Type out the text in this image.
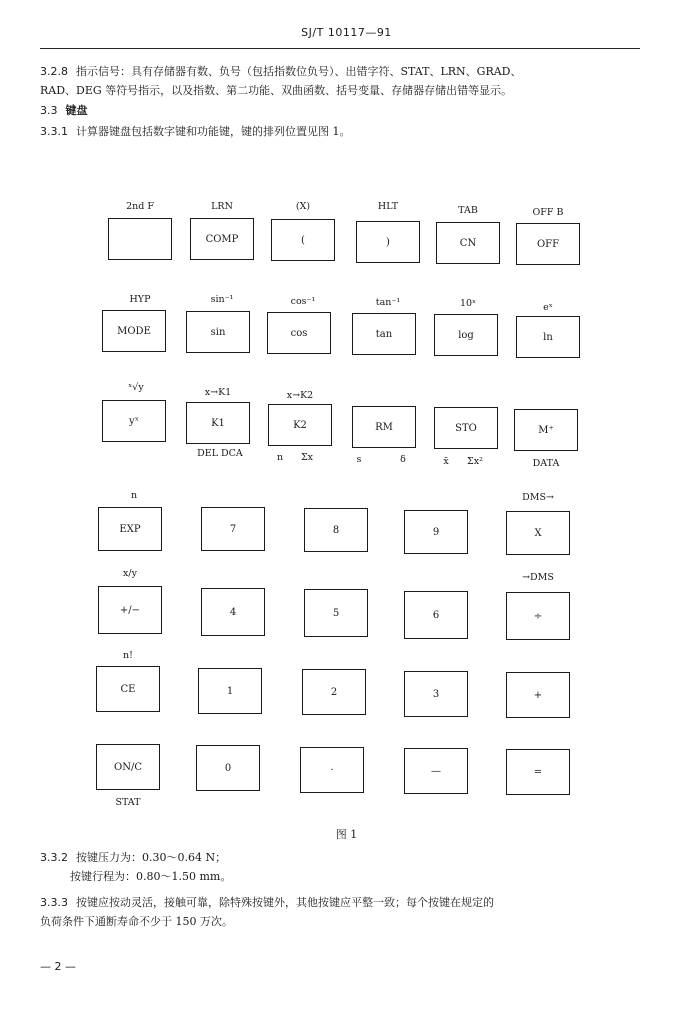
SJ/T 10117—91
3.2.8 指示信号：具有存储器有数、负号（包括指数位负号）、出错字符、STAT、LRN、GRAD、
RAD、DEG 等符号指示，以及指数、第二功能、双曲函数、括号变量、存储器存储出错等显示。
3.3 键盘
3.3.1 计算器键盘包括数字键和功能键，键的排列位置见图 1。
2nd F	LRN	(X)	HLT	TAB	OFF B
COMP	(	)	CN	OFF
HYP	sin⁻¹	cos⁻¹	tan⁻¹	10ˣ	eˣ
MODE	sin	cos	tan	log	ln
ˣ√y	x→K1	x→K2
yˣ	K1	K2	RM	STO	M⁺
DEL DCA	n	Σx	s	δ	x̄	Σx²	DATA
n	DMS→
EXP	7	8	9	X
x/y	→DMS
+/−	4	5	6	÷
n!
CE	1	2	3	+
ON/C	0	·	—	=
STAT
图 1
3.3.2 按键压力为：0.30～0.64 N；
按键行程为：0.80～1.50 mm。
3.3.3 按键应按动灵活，接触可靠，除特殊按键外，其他按键应平整一致；每个按键在规定的
负荷条件下通断寿命不少于 150 万次。
— 2 —
